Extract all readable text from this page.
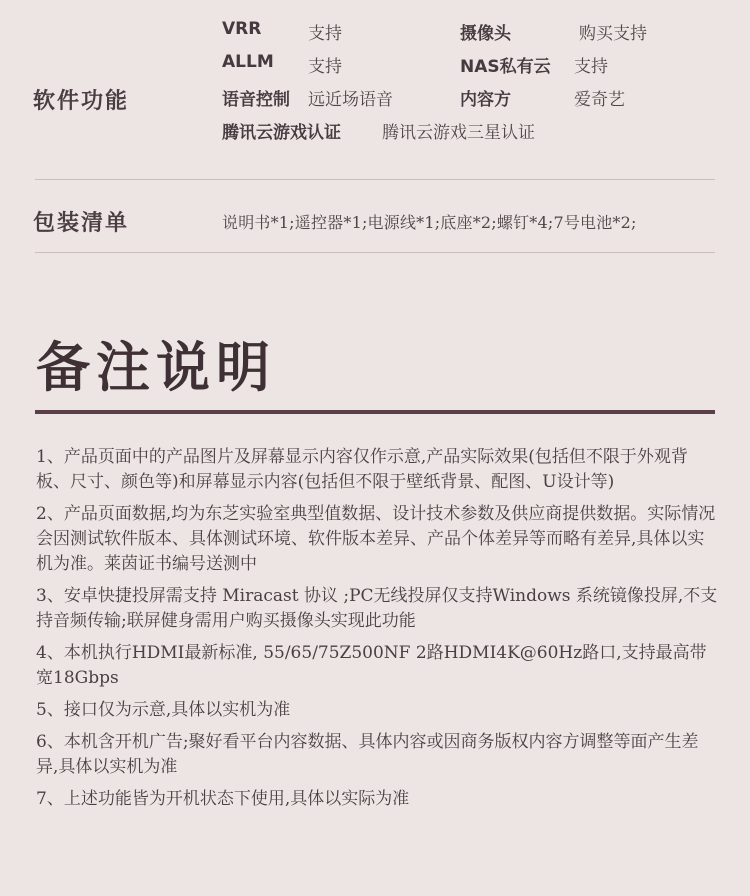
软件功能
VRR	支持	摄像头	购买支持
ALLM 支持	NAS私有云 支持
语音控制 远近场语音	内容方	爱奇艺
腾讯云游戏认证 腾讯云游戏三星认证
包装清单	说明书*1;遥控器*1;电源线*1;底座*2;螺钉*4;7号电池*2;
备注说明
1、产品页面中的产品图片及屏幕显示内容仅作示意,产品实际效果(包括但不限于外观背板、尺寸、颜色等)和屏幕显示内容(包括但不限于壁纸背景、配图、U设计等)
2、产品页面数据,均为东芝实验室典型值数据、设计技术参数及供应商提供数据。实际情况会因测试软件版本、具体测试环境、软件版本差异、产品个体差异等而略有差异,具体以实机为准。莱茵证书编号送测中
3、安卓快捷投屏需支持 Miracast 协议 ;PC无线投屏仅支持Windows 系统镜像投屏,不支持音频传输;联屏健身需用户购买摄像头实现此功能
4、本机执行HDMI最新标准, 55/65/75Z500NF 2路HDMI4K@60Hz路口,支持最高带宽18Gbps
5、接口仅为示意,具体以实机为准
6、本机含开机广告;聚好看平台内容数据、具体内容或因商务版权内容方调整等面产生差异,具体以实机为准
7、上述功能皆为开机状态下使用,具体以实际为准
